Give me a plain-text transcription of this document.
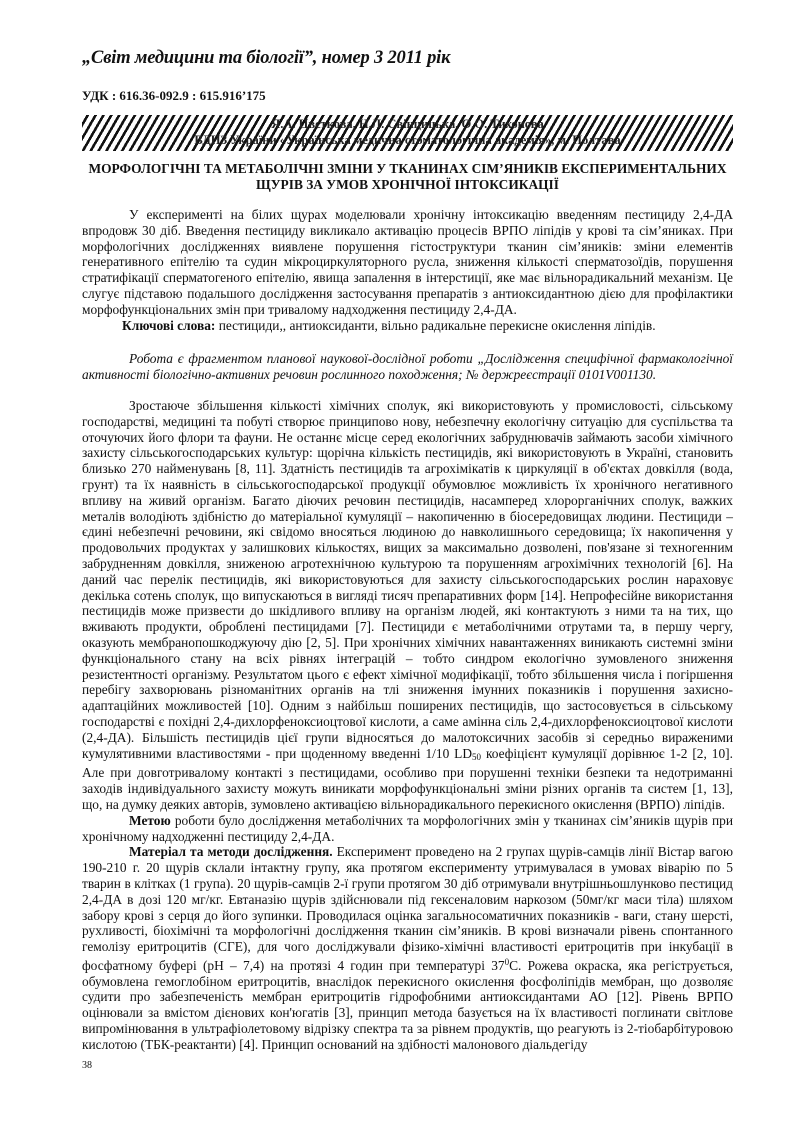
„Світ медицини та біології”, номер 3 2011 рік
УДК : 616.36-092.9 : 615.916’175
Я.А. Цвєткова, Н.Л. Свінцицька, О.О. Тихонова
ВДНЗ України «Українська медична стоматологічна академія», м. Полтава
МОРФОЛОГІЧНІ ТА МЕТАБОЛІЧНІ ЗМІНИ У ТКАНИНАХ СІМ’ЯНИКІВ ЕКСПЕРИМЕНТАЛЬНИХ
ЩУРІВ ЗА УМОВ ХРОНІЧНОЇ ІНТОКСИКАЦІЇ

У експерименті на білих щурах моделювали хронічну інтоксикацію введенням пестициду 2,4-ДА впродовж 30 діб. Введення пестициду викликало активацію процесів ВРПО ліпідів у крові та сім’яниках. При морфологічних дослідженнях виявлене порушення гістоструктури тканин сім’яників: зміни елементів генеративного епітелію та судин мікроциркуляторного русла, зниження кількості сперматозоїдів, порушення стратифікації сперматогеного епітелію, явища запалення в інтерстиції, яке має вільнорадикальний механізм. Це слугує підставою подальшого дослідження застосування препаратів з антиоксидантною дією для профілактики морфофункціональних змін при тривалому надходження пестициду 2,4-ДА.

Ключові слова: пестициди,, антиоксиданти, вільно радикальне перекисне окислення ліпідів.

Робота є фрагментом планової наукової-дослідної роботи „Дослідження специфічної фармакологічної активності біологічно-активних речовин рослинного походження; № держреєстрації 0101V001130.

Зростаюче збільшення кількості хімічних сполук, які використовують у промисловості, сільському господарстві, медицині та побуті створює принципово нову, небезпечну екологічну ситуацію для суспільства та оточуючих його флори та фауни. Не останнє місце серед екологічних забруднювачів займають засоби хімічного захисту сільськогосподарських культур: щорічна кількість пестицидів, які використовують в Україні, становить близько 270 найменувань [8, 11]. Здатність пестицидів та агрохімікатів к циркуляції в об'єктах довкілля (вода, грунт) та їх наявність в сільськогосподарської продукції обумовлює можливість їх хронічного негативного впливу на живий організм. Багато діючих речовин пестицидів, насамперед хлорорганічних сполук, важких металів володіють здібністю до матеріальної кумуляції – накопиченню в біосередовищах людини. Пестициди – єдині небезпечні речовини, які свідомо вносяться людиною до навколишнього середовища; їх накопичення у продовольчих продуктах у залишкових кількостях, вищих за максимально дозволені, пов'язане зі техногенним забрудненням довкілля, зниженою агротехнічною культурою та порушенням агрохімічних технологій [6]. На даний час перелік пестицидів, які використовуються для захисту сільськогосподарських рослин нараховує декілька сотень сполук, що випускаються в вигляді тисяч препаративних форм [14]. Непрофесійне використання пестицидів може призвести до шкідливого впливу на організм людей, які контактують з ними та на тих, що вживають продукти, оброблені пестицидами [7]. Пестициди є метаболічними отрутами та, в першу чергу, оказують мембранопошкоджуючу дію [2, 5]. При хронічних хімічних навантаженнях виникають системні зміни функціонального стану на всіх рівнях інтеграцій – тобто синдром екологічно зумовленого зниження резистентності організму. Результатом цього є ефект хімічної модифікації, тобто збільшення числа і погіршення перебігу захворювань різноманітних органів на тлі зниження імунних показників і порушення захисно-адаптаційних можливостей [10]. Одним з найбільш поширених пестицидів, що застосовується в сільському господарстві є похідні 2,4-дихлорфеноксиоцтової кислоти, а саме амінна сіль 2,4-дихлорфеноксиоцтової кислоти (2,4-ДА). Більшість пестицидів цієї групи відносяться до малотоксичних засобів зі середньо вираженими кумулятивними властивостями - при щоденному введенні 1/10 $LD_{50}$ коефіцієнт кумуляції дорівнює 1-2 [2, 10]. Але при довготривалому контакті з пестицидами, особливо при порушенні техніки безпеки та недотриманні заходів індивідуального захисту можуть виникати морфофункціональні зміни різних органів та систем [1, 13], що, на думку деяких авторів, зумовлено активацією вільнорадикального перекисного окислення (ВРПО) ліпідів.

Метою роботи було дослідження метаболічних та морфологічних змін у тканинах сім’яників щурів при хронічному надходженні пестициду 2,4-ДА.

Матеріал та методи дослідження. Експеримент проведено на 2 групах щурів-самців лінії Вістар вагою 190-210 г. 20 щурів склали інтактну групу, яка протягом експерименту утримувалася в умовах віварію по 5 тварин в клітках (1 група). 20 щурів-самців 2-ї групи протягом 30 діб отримували внутрішньошлунково пестицид 2,4-ДА в дозі 120 мг/кг. Евтаназію щурів здійснювали під гексеналовим наркозом (50мг/кг маси тіла) шляхом забору крові з серця до його зупинки. Проводилася оцінка загальносоматичних показників - ваги, стану шерсті, рухливості, біохімічні та морфологічні дослідження тканин сім’яників. В крові визначали рівень спонтанного гемолізу еритроцитів (СГЕ), для чого досліджували фізико-хімічні властивості еритроцитів при інкубації в фосфатному буфері (рН – 7,4) на протязі 4 годин при температурі $37^0С$. Рожева окраска, яка регіструється, обумовлена гемоглобіном еритроцитів, внаслідок перекисного окислення фосфоліпідів мембран, що дозволяє судити про забезпеченість мембран еритроцитів гідрофобними антиоксидантами АО [12]. Рівень ВРПО оцінювали за вмістом дієнових кон'югатів [3], принцип метода базується на їх властивості поглинати світлове випромінювання в ультрафіолетовому відрізку спектра та за рівнем продуктів, що реагують із 2-тіобарбітуровою кислотою (ТБК-реактанти) [4]. Принцип оснований на здібності малонового діальдегіду

38
